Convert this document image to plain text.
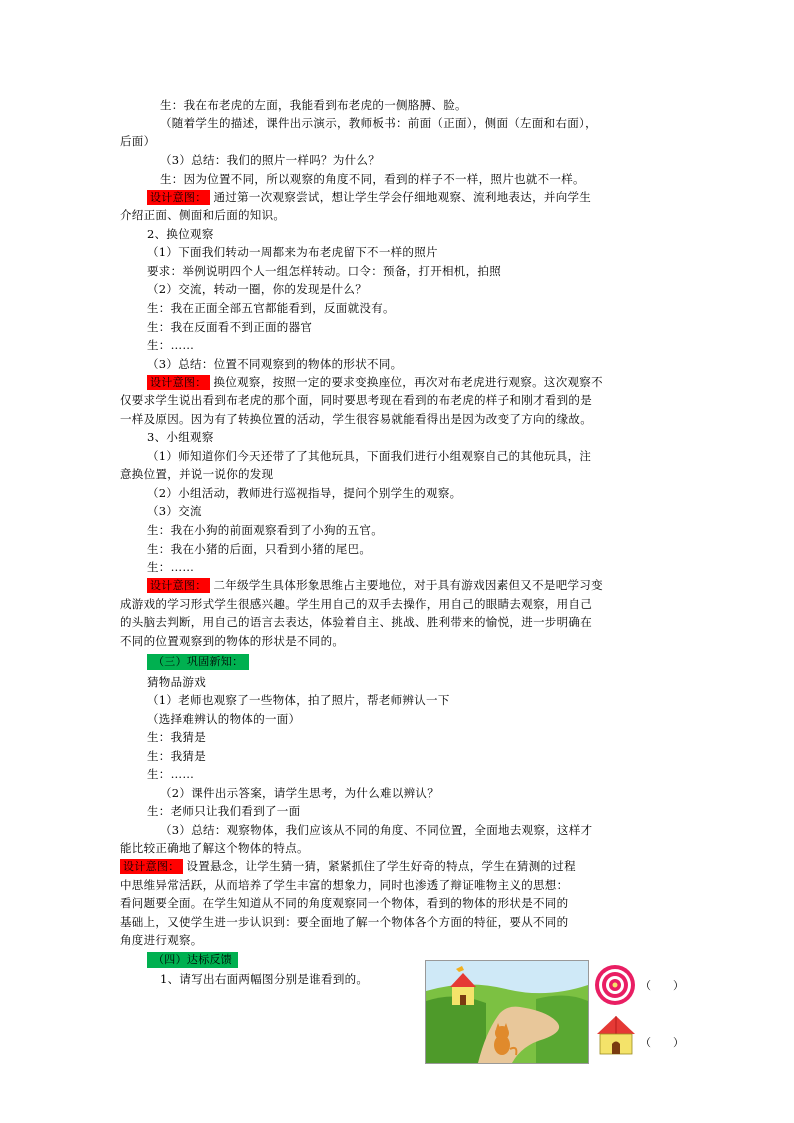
生：我在布老虎的左面，我能看到布老虎的一侧胳膊、脸。
（随着学生的描述，课件出示演示，教师板书：前面（正面），侧面（左面和右面），
后面）
（3）总结：我们的照片一样吗？为什么？
生：因为位置不同，所以观察的角度不同，看到的样子不一样，照片也就不一样。
设计意图： 通过第一次观察尝试，想让学生学会仔细地观察、流利地表达，并向学生
介绍正面、侧面和后面的知识。
2、换位观察
（1）下面我们转动一周都来为布老虎留下不一样的照片
要求：举例说明四个人一组怎样转动。口令：预备，打开相机，拍照
（2）交流，转动一圈，你的发现是什么？
生：我在正面全部五官都能看到，反面就没有。
生：我在反面看不到正面的器官
生：……
（3）总结：位置不同观察到的物体的形状不同。
设计意图： 换位观察，按照一定的要求变换座位，再次对布老虎进行观察。这次观察不
仅要求学生说出看到布老虎的那个面，同时要思考现在看到的布老虎的样子和刚才看到的是
一样及原因。因为有了转换位置的活动，学生很容易就能看得出是因为改变了方向的缘故。
3、小组观察
（1）师知道你们今天还带了了其他玩具，下面我们进行小组观察自己的其他玩具，注
意换位置，并说一说你的发现
（2）小组活动，教师进行巡视指导，提问个别学生的观察。
（3）交流
生：我在小狗的前面观察看到了小狗的五官。
生：我在小猪的后面，只看到小猪的尾巴。
生：……
设计意图： 二年级学生具体形象思维占主要地位，对于具有游戏因素但又不是吧学习变
成游戏的学习形式学生很感兴趣。学生用自己的双手去操作，用自己的眼睛去观察，用自己
的头脑去判断，用自己的语言去表达，体验着自主、挑战、胜利带来的愉悦，进一步明确在
不同的位置观察到的物体的形状是不同的。
（三）巩固新知：
猜物品游戏
（1）老师也观察了一些物体，拍了照片，帮老师辨认一下
（选择难辨认的物体的一面）
生：我猜是
生：我猜是
生：……
（2）课件出示答案，请学生思考，为什么难以辨认？
生：老师只让我们看到了一面
（3）总结：观察物体，我们应该从不同的角度、不同位置，全面地去观察，这样才
能比较正确地了解这个物体的特点。
设计意图： 设置悬念，让学生猜一猜，紧紧抓住了学生好奇的特点，学生在猜测的过程
中思维异常活跃，从而培养了学生丰富的想象力，同时也渗透了辩证唯物主义的思想：
看问题要全面。在学生知道从不同的角度观察同一个物体，看到的物体的形状是不同的
基础上，又使学生进一步认识到：要全面地了解一个物体各个方面的特征，要从不同的
角度进行观察。
（四）达标反馈
1、请写出右面两幅图分别是谁看到的。	（　　）
（　　）
